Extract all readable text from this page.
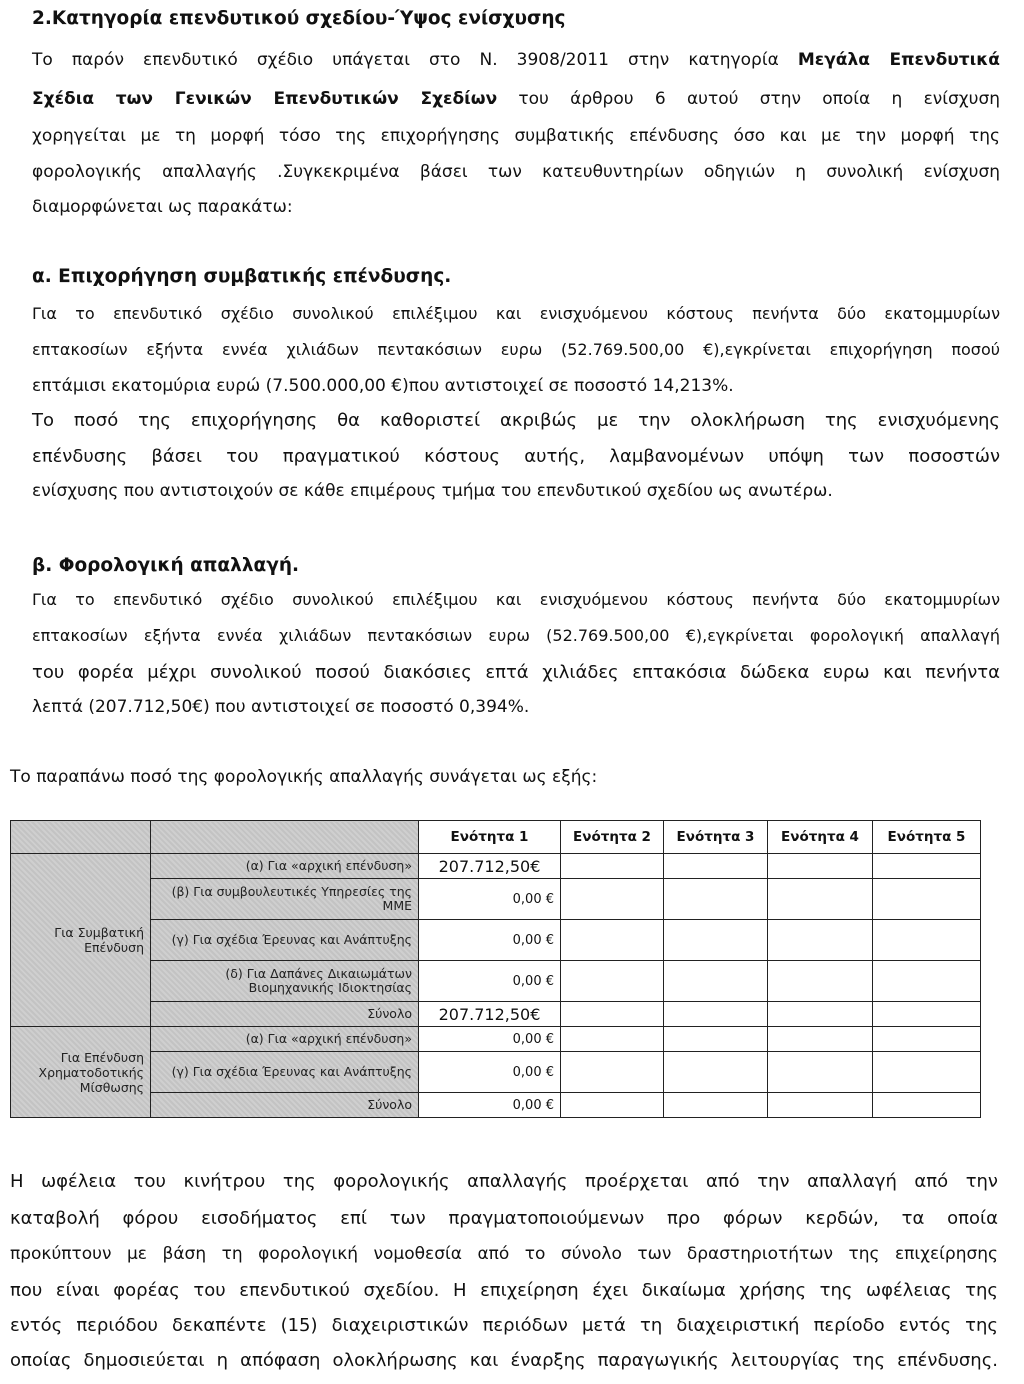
2.Κατηγορία επενδυτικού σχεδίου-Ύψος ενίσχυσης
Το παρόν επενδυτικό σχέδιο υπάγεται στο Ν. 3908/2011 στην κατηγορία Μεγάλα Επενδυτικά
Σχέδια των Γενικών Επενδυτικών Σχεδίων του άρθρου 6 αυτού στην οποία η ενίσχυση
χορηγείται με τη μορφή τόσο της επιχορήγησης συμβατικής επένδυσης όσο και με την μορφή της
φορολογικής απαλλαγής .Συγκεκριμένα βάσει των κατευθυντηρίων οδηγιών η συνολική ενίσχυση
διαμορφώνεται ως παρακάτω:
α. Επιχορήγηση συμβατικής επένδυσης.
Για το επενδυτικό σχέδιο συνολικού επιλέξιμου και ενισχυόμενου κόστους πενήντα δύο εκατομμυρίων
επτακοσίων εξήντα εννέα χιλιάδων πεντακόσιων ευρω (52.769.500,00 €),εγκρίνεται επιχορήγηση ποσού
επτάμισι εκατομύρια ευρώ (7.500.000,00 €)που αντιστοιχεί σε ποσοστό 14,213%.
Το ποσό της επιχορήγησης θα καθοριστεί ακριβώς με την ολοκλήρωση της ενισχυόμενης
επένδυσης βάσει του πραγματικού κόστους αυτής, λαμβανομένων υπόψη των ποσοστών
ενίσχυσης που αντιστοιχούν σε κάθε επιμέρους τμήμα του επενδυτικού σχεδίου ως ανωτέρω.
β. Φορολογική απαλλαγή.
Για το επενδυτικό σχέδιο συνολικού επιλέξιμου και ενισχυόμενου κόστους πενήντα δύο εκατομμυρίων
επτακοσίων εξήντα εννέα χιλιάδων πεντακόσιων ευρω (52.769.500,00 €),εγκρίνεται φορολογική απαλλαγή
του φορέα μέχρι συνολικού ποσού διακόσιες επτά χιλιάδες επτακόσια δώδεκα ευρω και πενήντα
λεπτά (207.712,50€) που αντιστοιχεί σε ποσοστό 0,394%.
Το παραπάνω ποσό της φορολογικής απαλλαγής συνάγεται ως εξής:
		Ενότητα 1	Ενότητα 2	Ενότητα 3	Ενότητα 4	Ενότητα 5
Για Συμβατική Επένδυση	(α) Για «αρχική επένδυση»	207.712,50€				
	(β) Για συμβουλευτικές Υπηρεσίες της ΜΜΕ	0,00 €				
	(γ) Για σχέδια Έρευνας και Ανάπτυξης	0,00 €				
	(δ) Για Δαπάνες Δικαιωμάτων Βιομηχανικής Ιδιοκτησίας	0,00 €				
	Σύνολο	207.712,50€				
Για Επένδυση Χρηματοδοτικής Μίσθωσης	(α) Για «αρχική επένδυση»	0,00 €				
	(γ) Για σχέδια Έρευνας και Ανάπτυξης	0,00 €				
	Σύνολο	0,00 €				
Η ωφέλεια του κινήτρου της φορολογικής απαλλαγής προέρχεται από την απαλλαγή από την
καταβολή φόρου εισοδήματος επί των πραγματοποιούμενων προ φόρων κερδών, τα οποία
προκύπτουν με βάση τη φορολογική νομοθεσία από το σύνολο των δραστηριοτήτων της επιχείρησης
που είναι φορέας του επενδυτικού σχεδίου. Η επιχείρηση έχει δικαίωμα χρήσης της ωφέλειας της
εντός περιόδου δεκαπέντε (15) διαχειριστικών περιόδων μετά τη διαχειριστική περίοδο εντός της
οποίας δημοσιεύεται η απόφαση ολοκλήρωσης και έναρξης παραγωγικής λειτουργίας της επένδυσης.
